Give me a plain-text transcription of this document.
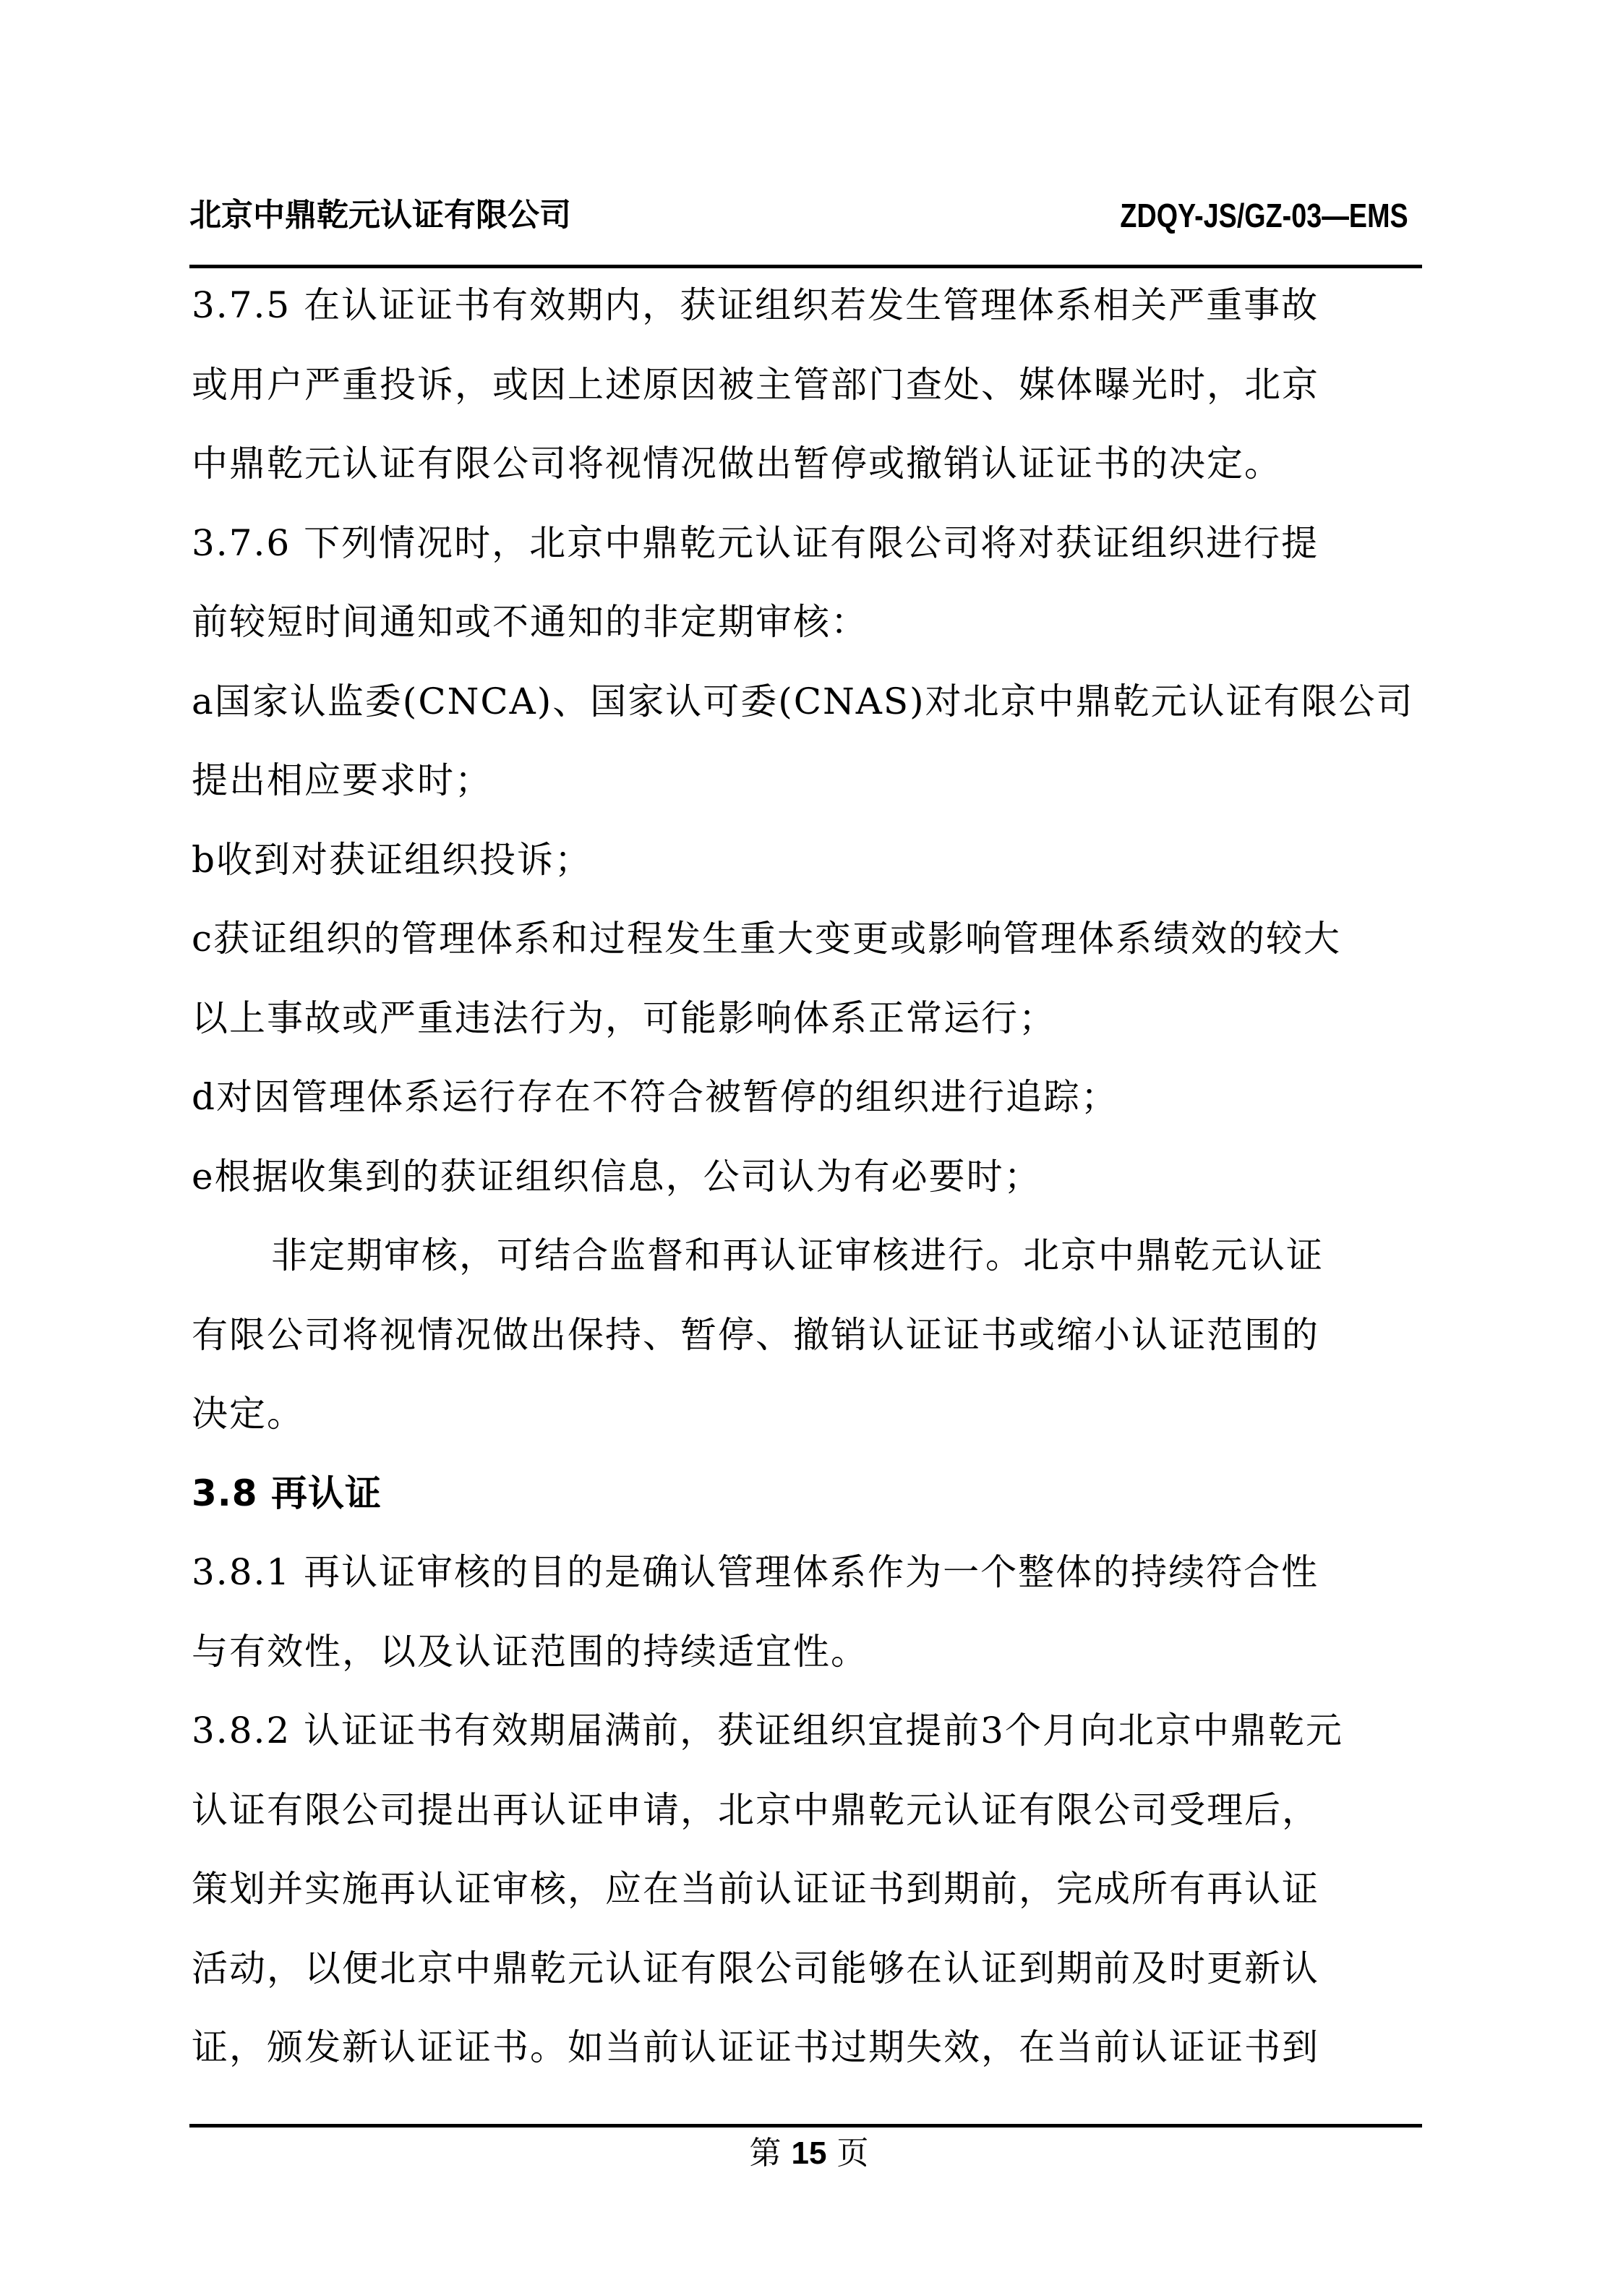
北京中鼎乾元认证有限公司	ZDQY-JS/GZ-03—EMS
3.7.5 在认证证书有效期内，获证组织若发生管理体系相关严重事故
或用户严重投诉，或因上述原因被主管部门查处、媒体曝光时，北京
中鼎乾元认证有限公司将视情况做出暂停或撤销认证证书的决定。
3.7.6 下列情况时，北京中鼎乾元认证有限公司将对获证组织进行提
前较短时间通知或不通知的非定期审核：
a国家认监委(CNCA)、国家认可委(CNAS)对北京中鼎乾元认证有限公司
提出相应要求时；
b收到对获证组织投诉；
c获证组织的管理体系和过程发生重大变更或影响管理体系绩效的较大
以上事故或严重违法行为，可能影响体系正常运行；
d对因管理体系运行存在不符合被暂停的组织进行追踪；
e根据收集到的获证组织信息，公司认为有必要时；
非定期审核，可结合监督和再认证审核进行。北京中鼎乾元认证
有限公司将视情况做出保持、暂停、撤销认证证书或缩小认证范围的
决定。
3.8 再认证
3.8.1 再认证审核的目的是确认管理体系作为一个整体的持续符合性
与有效性，以及认证范围的持续适宜性。
3.8.2 认证证书有效期届满前，获证组织宜提前3个月向北京中鼎乾元
认证有限公司提出再认证申请，北京中鼎乾元认证有限公司受理后，
策划并实施再认证审核，应在当前认证证书到期前，完成所有再认证
活动，以便北京中鼎乾元认证有限公司能够在认证到期前及时更新认
证，颁发新认证证书。如当前认证证书过期失效，在当前认证证书到
第 15 页
